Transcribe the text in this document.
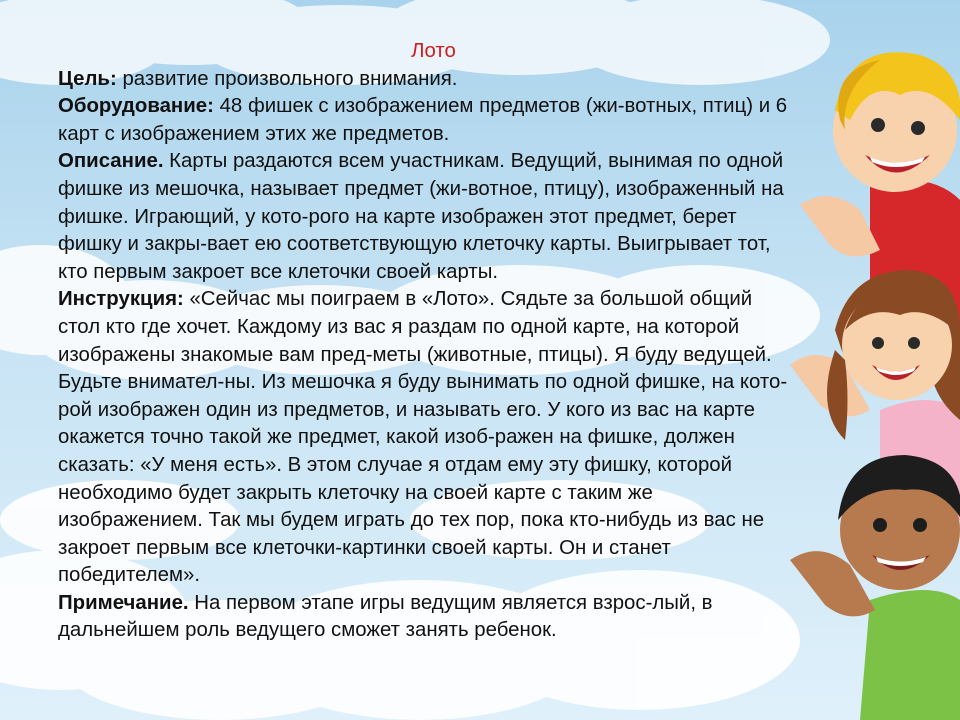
Лото

Цель: развитие произвольного внимания.

Оборудование: 48 фишек с изображением предметов (жи-вотных, птиц) и 6 карт с изображением этих же предметов.

Описание. Карты раздаются всем участникам. Ведущий, вынимая по одной фишке из мешочка, называет предмет (жи-вотное, птицу), изображенный на фишке. Играющий, у кото-рого на карте изображен этот предмет, берет фишку и закры-вает ею соответствующую клеточку карты. Выигрывает тот, кто первым закроет все клеточки своей карты.

Инструкция: «Сейчас мы поиграем в «Лото». Сядьте за большой общий стол кто где хочет. Каждому из вас я раздам по одной карте, на которой изображены знакомые вам пред-меты (животные, птицы). Я буду ведущей. Будьте внимател-ны. Из мешочка я буду вынимать по одной фишке, на кото-рой изображен один из предметов, и называть его. У кого из вас на карте окажется точно такой же предмет, какой изоб-ражен на фишке, должен сказать: «У меня есть». В этом случае я отдам ему эту фишку, которой необходимо будет закрыть клеточку на своей карте с таким же изображением. Так мы будем играть до тех пор, пока кто-нибудь из вас не закроет первым все клеточки-картинки своей карты. Он и станет победителем».

Примечание. На первом этапе игры ведущим является взрос-лый, в дальнейшем роль ведущего сможет занять ребенок.
